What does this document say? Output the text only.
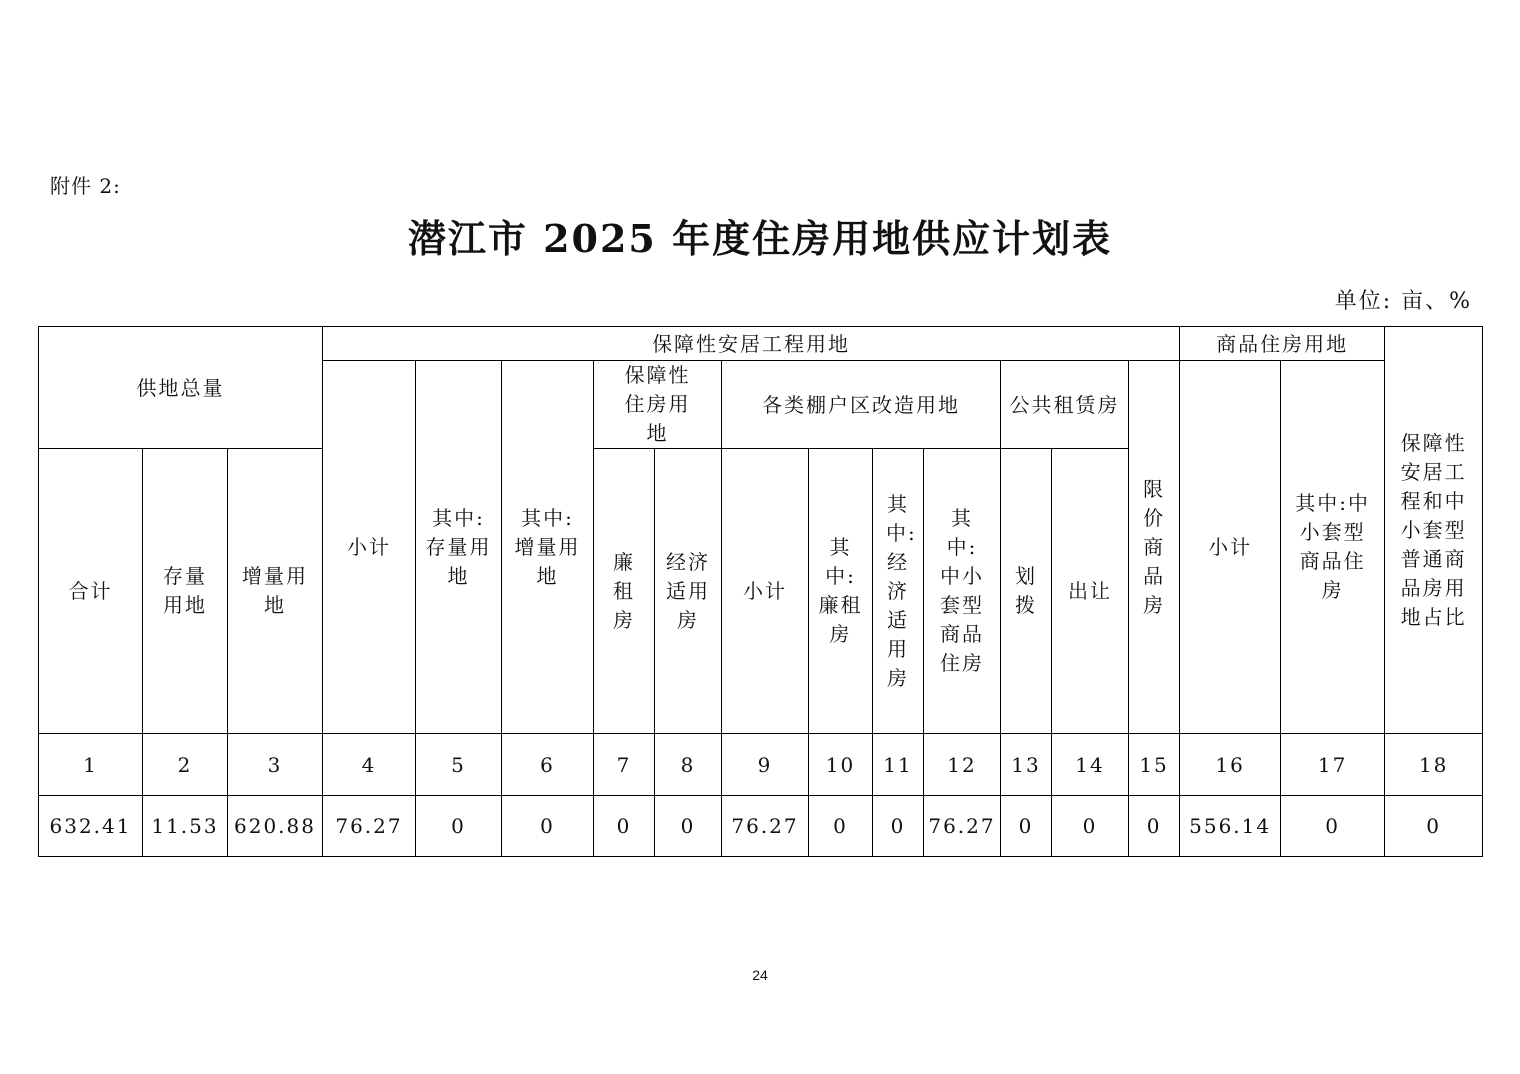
附件 2:
潜江市 2025 年度住房用地供应计划表
单位: 亩、%
供地总量			保障性安居工程用地												商品住房用地		保障性安居工程和中小套型普通商品房用地占比
			小计	其中:存量用地	其中:增量用地	保障性住房用地		各类棚户区改造用地				公共租赁房		限价商品房	小计	其中:中小套型商品住房	
合计	存量用地	增量用地				廉租房	经济适用房	小计	其中:廉租房	其中:经济适用房	其中:中小套型商品住房	划拨	出让				
1	2	3	4	5	6	7	8	9	10	11	12	13	14	15	16	17	18
632.41	11.53	620.88	76.27	0	0	0	0	76.27	0	0	76.27	0	0	0	556.14	0	0
24
